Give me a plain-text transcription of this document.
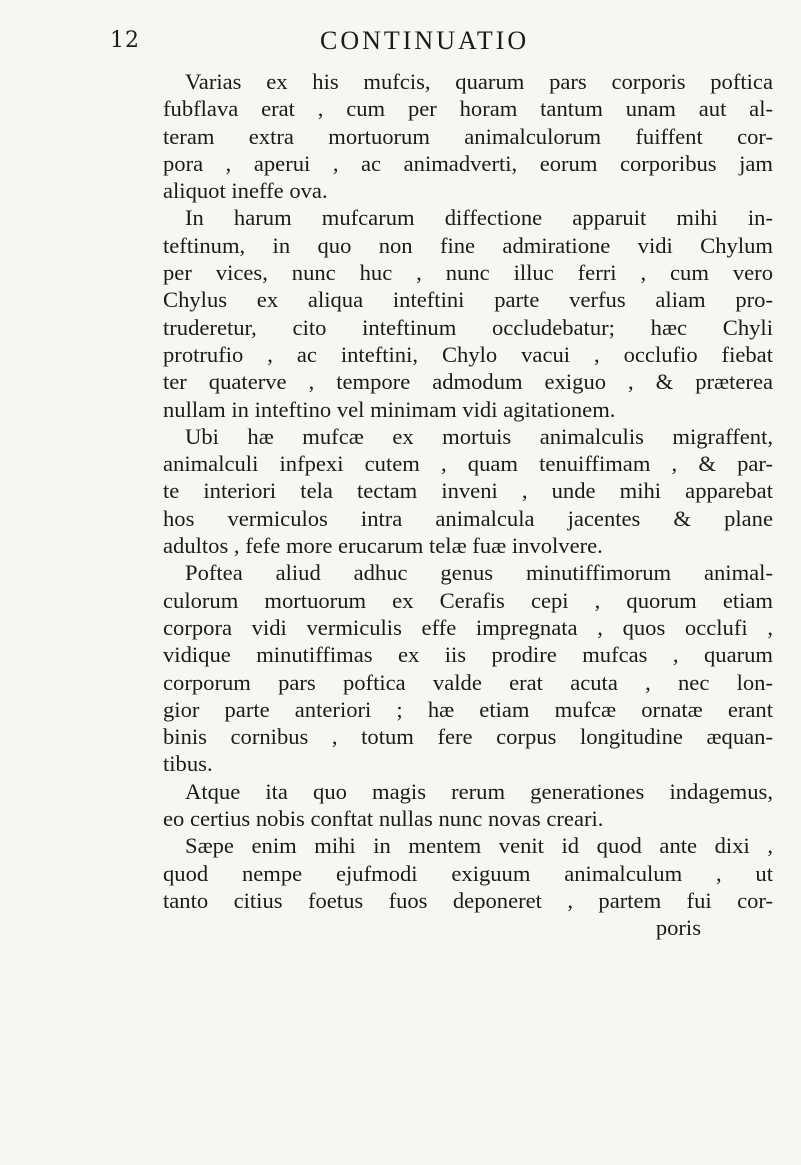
12	CONTINUATIO
Varias ex his mufcis, quarum pars corporis poftica
fubflava erat , cum per horam tantum unam aut al-
teram extra mortuorum animalculorum fuiffent cor-
pora , aperui , ac animadverti, eorum corporibus jam
aliquot ineffe ova.
In harum mufcarum diffectione apparuit mihi in-
teftinum, in quo non fine admiratione vidi Chylum
per vices, nunc huc , nunc illuc ferri , cum vero
Chylus ex aliqua inteftini parte verfus aliam pro-
truderetur, cito inteftinum occludebatur; hæc Chyli
protrufio , ac inteftini, Chylo vacui , occlufio fiebat
ter quaterve , tempore admodum exiguo , & præterea
nullam in inteftino vel minimam vidi agitationem.
Ubi hæ mufcæ ex mortuis animalculis migraffent,
animalculi infpexi cutem , quam tenuiffimam , & par-
te interiori tela tectam inveni , unde mihi apparebat
hos vermiculos intra animalcula jacentes & plane
adultos , fefe more erucarum telæ fuæ involvere.
Poftea aliud adhuc genus minutiffimorum animal-
culorum mortuorum ex Cerafis cepi , quorum etiam
corpora vidi vermiculis effe impregnata , quos occlufi ,
vidique minutiffimas ex iis prodire mufcas , quarum
corporum pars poftica valde erat acuta , nec lon-
gior parte anteriori ; hæ etiam mufcæ ornatæ erant
binis cornibus , totum fere corpus longitudine æquan-
tibus.
Atque ita quo magis rerum generationes indagemus,
eo certius nobis conftat nullas nunc novas creari.
Sæpe enim mihi in mentem venit id quod ante dixi ,
quod nempe ejufmodi exiguum animalculum , ut
tanto citius foetus fuos deponeret , partem fui cor-
poris
